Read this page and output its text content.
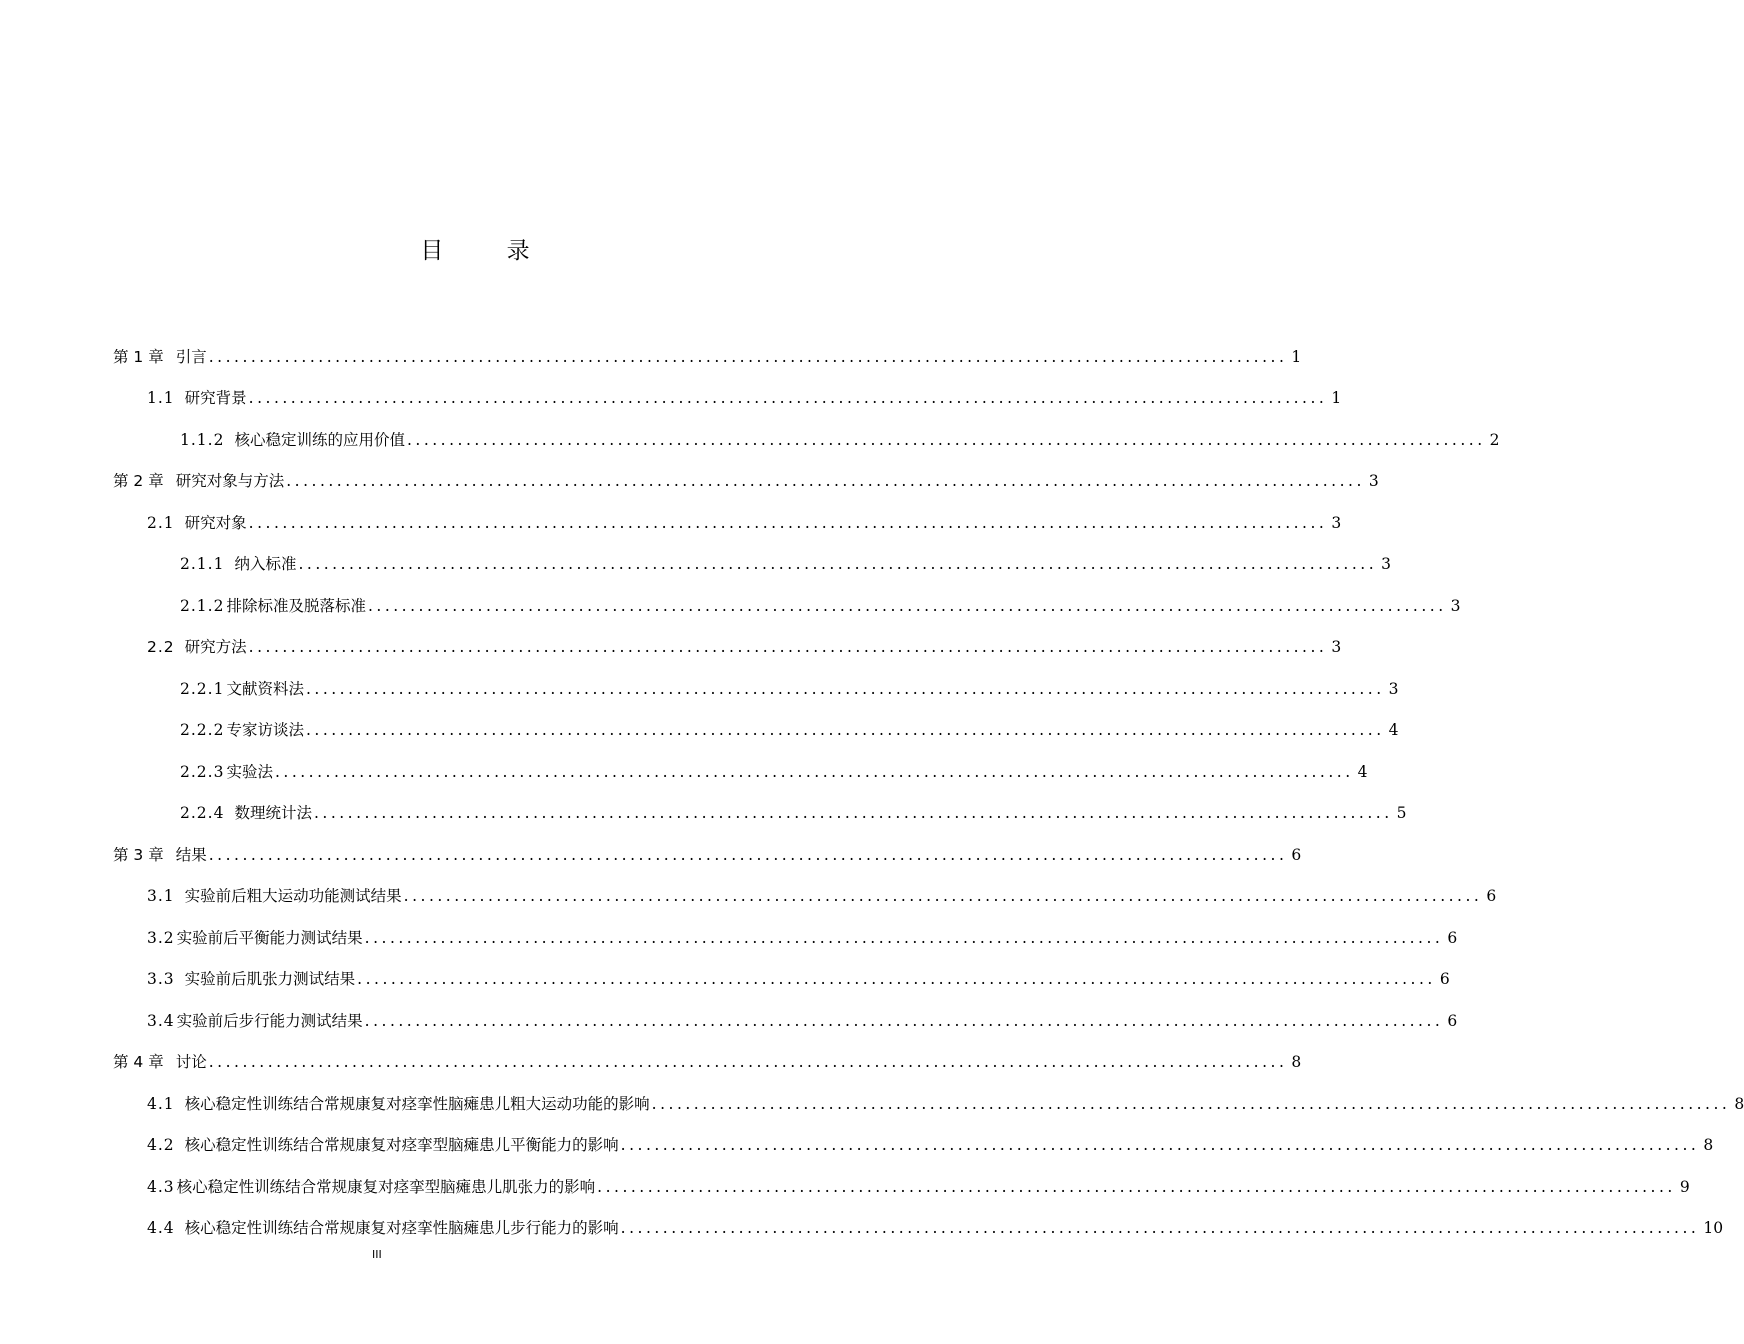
目 录
第 1 章 引言 ................................................................................................................................ 1
1.1 研究背景 ................................................................................................................................ 1
1.1.2 核心稳定训练的应用价值 ................................................................................................................................ 2
第 2 章 研究对象与方法 ................................................................................................................................ 3
2.1 研究对象 ................................................................................................................................ 3
2.1.1 纳入标准 ................................................................................................................................ 3
2.1.2 排除标准及脱落标准 ................................................................................................................................ 3
2.2 研究方法 ................................................................................................................................ 3
2.2.1 文献资料法 ................................................................................................................................ 3
2.2.2 专家访谈法 ................................................................................................................................ 4
2.2.3 实验法 ................................................................................................................................ 4
2.2.4 数理统计法 ................................................................................................................................ 5
第 3 章 结果 ................................................................................................................................ 6
3.1 实验前后粗大运动功能测试结果 ................................................................................................................................ 6
3.2 实验前后平衡能力测试结果 ................................................................................................................................ 6
3.3 实验前后肌张力测试结果 ................................................................................................................................ 6
3.4 实验前后步行能力测试结果 ................................................................................................................................ 6
第 4 章 讨论 ................................................................................................................................ 8
4.1 核心稳定性训练结合常规康复对痉挛性脑瘫患儿粗大运动功能的影响 ................................................................................................................................ 8
4.2 核心稳定性训练结合常规康复对痉挛型脑瘫患儿平衡能力的影响 ................................................................................................................................ 8
4.3 核心稳定性训练结合常规康复对痉挛型脑瘫患儿肌张力的影响 ................................................................................................................................ 9
4.4 核心稳定性训练结合常规康复对痉挛性脑瘫患儿步行能力的影响 ................................................................................................................................ 10
III
